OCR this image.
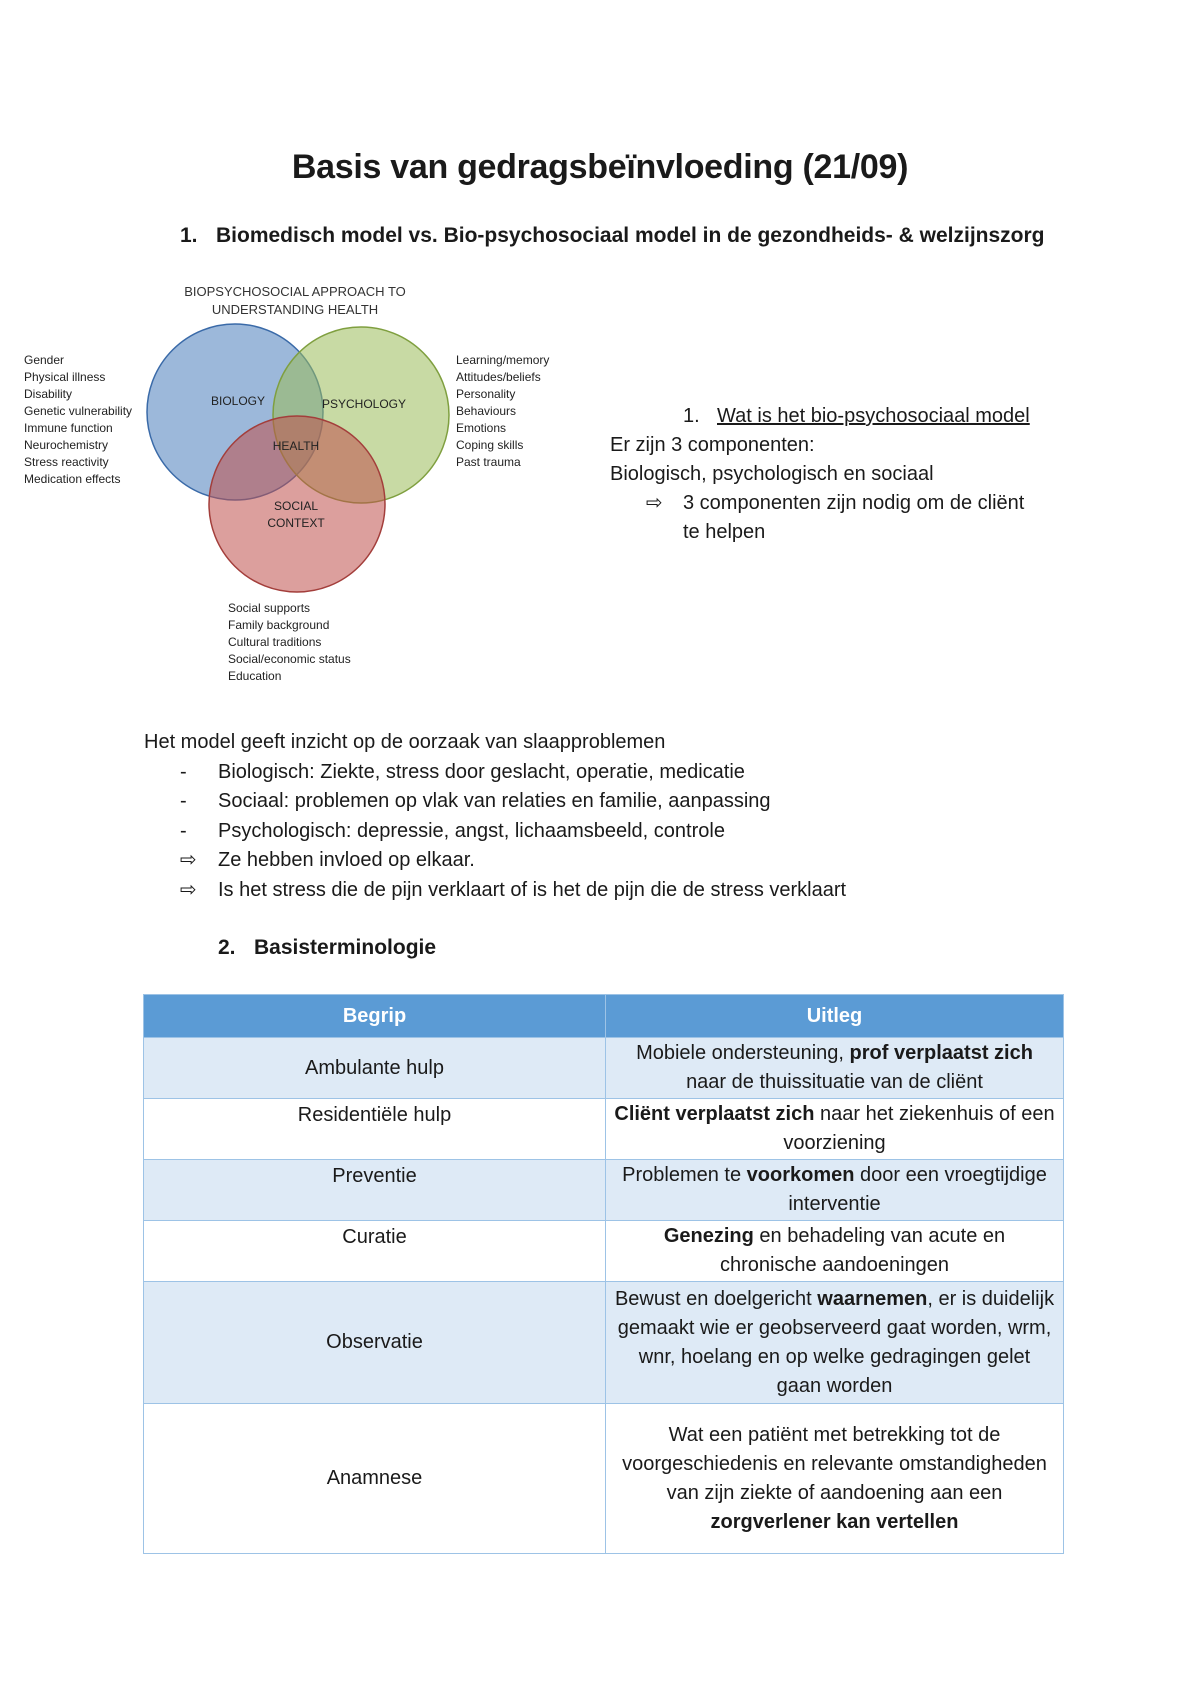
Basis van gedragsbeïnvloeding (21/09)
1. Biomedisch model vs. Bio-psychosociaal model in de gezondheids- & welzijnszorg
BIOPSYCHOSOCIAL APPROACH TO
UNDERSTANDING HEALTH
BIOLOGY	PSYCHOLOGY
HEALTH
SOCIAL
CONTEXT
Gender
Physical illness
Disability
Genetic vulnerability
Immune function
Neurochemistry
Stress reactivity
Medication effects
Learning/memory
Attitudes/beliefs
Personality
Behaviours
Emotions
Coping skills
Past trauma
Social supports
Family background
Cultural traditions
Social/economic status
Education
1. Wat is het bio-psychosociaal model
Er zijn 3 componenten:
Biologisch, psychologisch en sociaal
⇨ 3 componenten zijn nodig om de cliënt te helpen
Het model geeft inzicht op de oorzaak van slaapproblemen
- Biologisch: Ziekte, stress door geslacht, operatie, medicatie
- Sociaal: problemen op vlak van relaties en familie, aanpassing
- Psychologisch: depressie, angst, lichaamsbeeld, controle
⇨ Ze hebben invloed op elkaar.
⇨ Is het stress die de pijn verklaart of is het de pijn die de stress verklaart
2. Basisterminologie
Begrip	Uitleg
Ambulante hulp	Mobiele ondersteuning, prof verplaatst zich naar de thuissituatie van de cliënt
Residentiële hulp	Cliënt verplaatst zich naar het ziekenhuis of een voorziening
Preventie	Problemen te voorkomen door een vroegtijdige interventie
Curatie	Genezing en behadeling van acute en chronische aandoeningen
Observatie	Bewust en doelgericht waarnemen, er is duidelijk gemaakt wie er geobserveerd gaat worden, wrm, wnr, hoelang en op welke gedragingen gelet gaan worden
Anamnese	Wat een patiënt met betrekking tot de voorgeschiedenis en relevante omstandigheden van zijn ziekte of aandoening aan een zorgverlener kan vertellen
